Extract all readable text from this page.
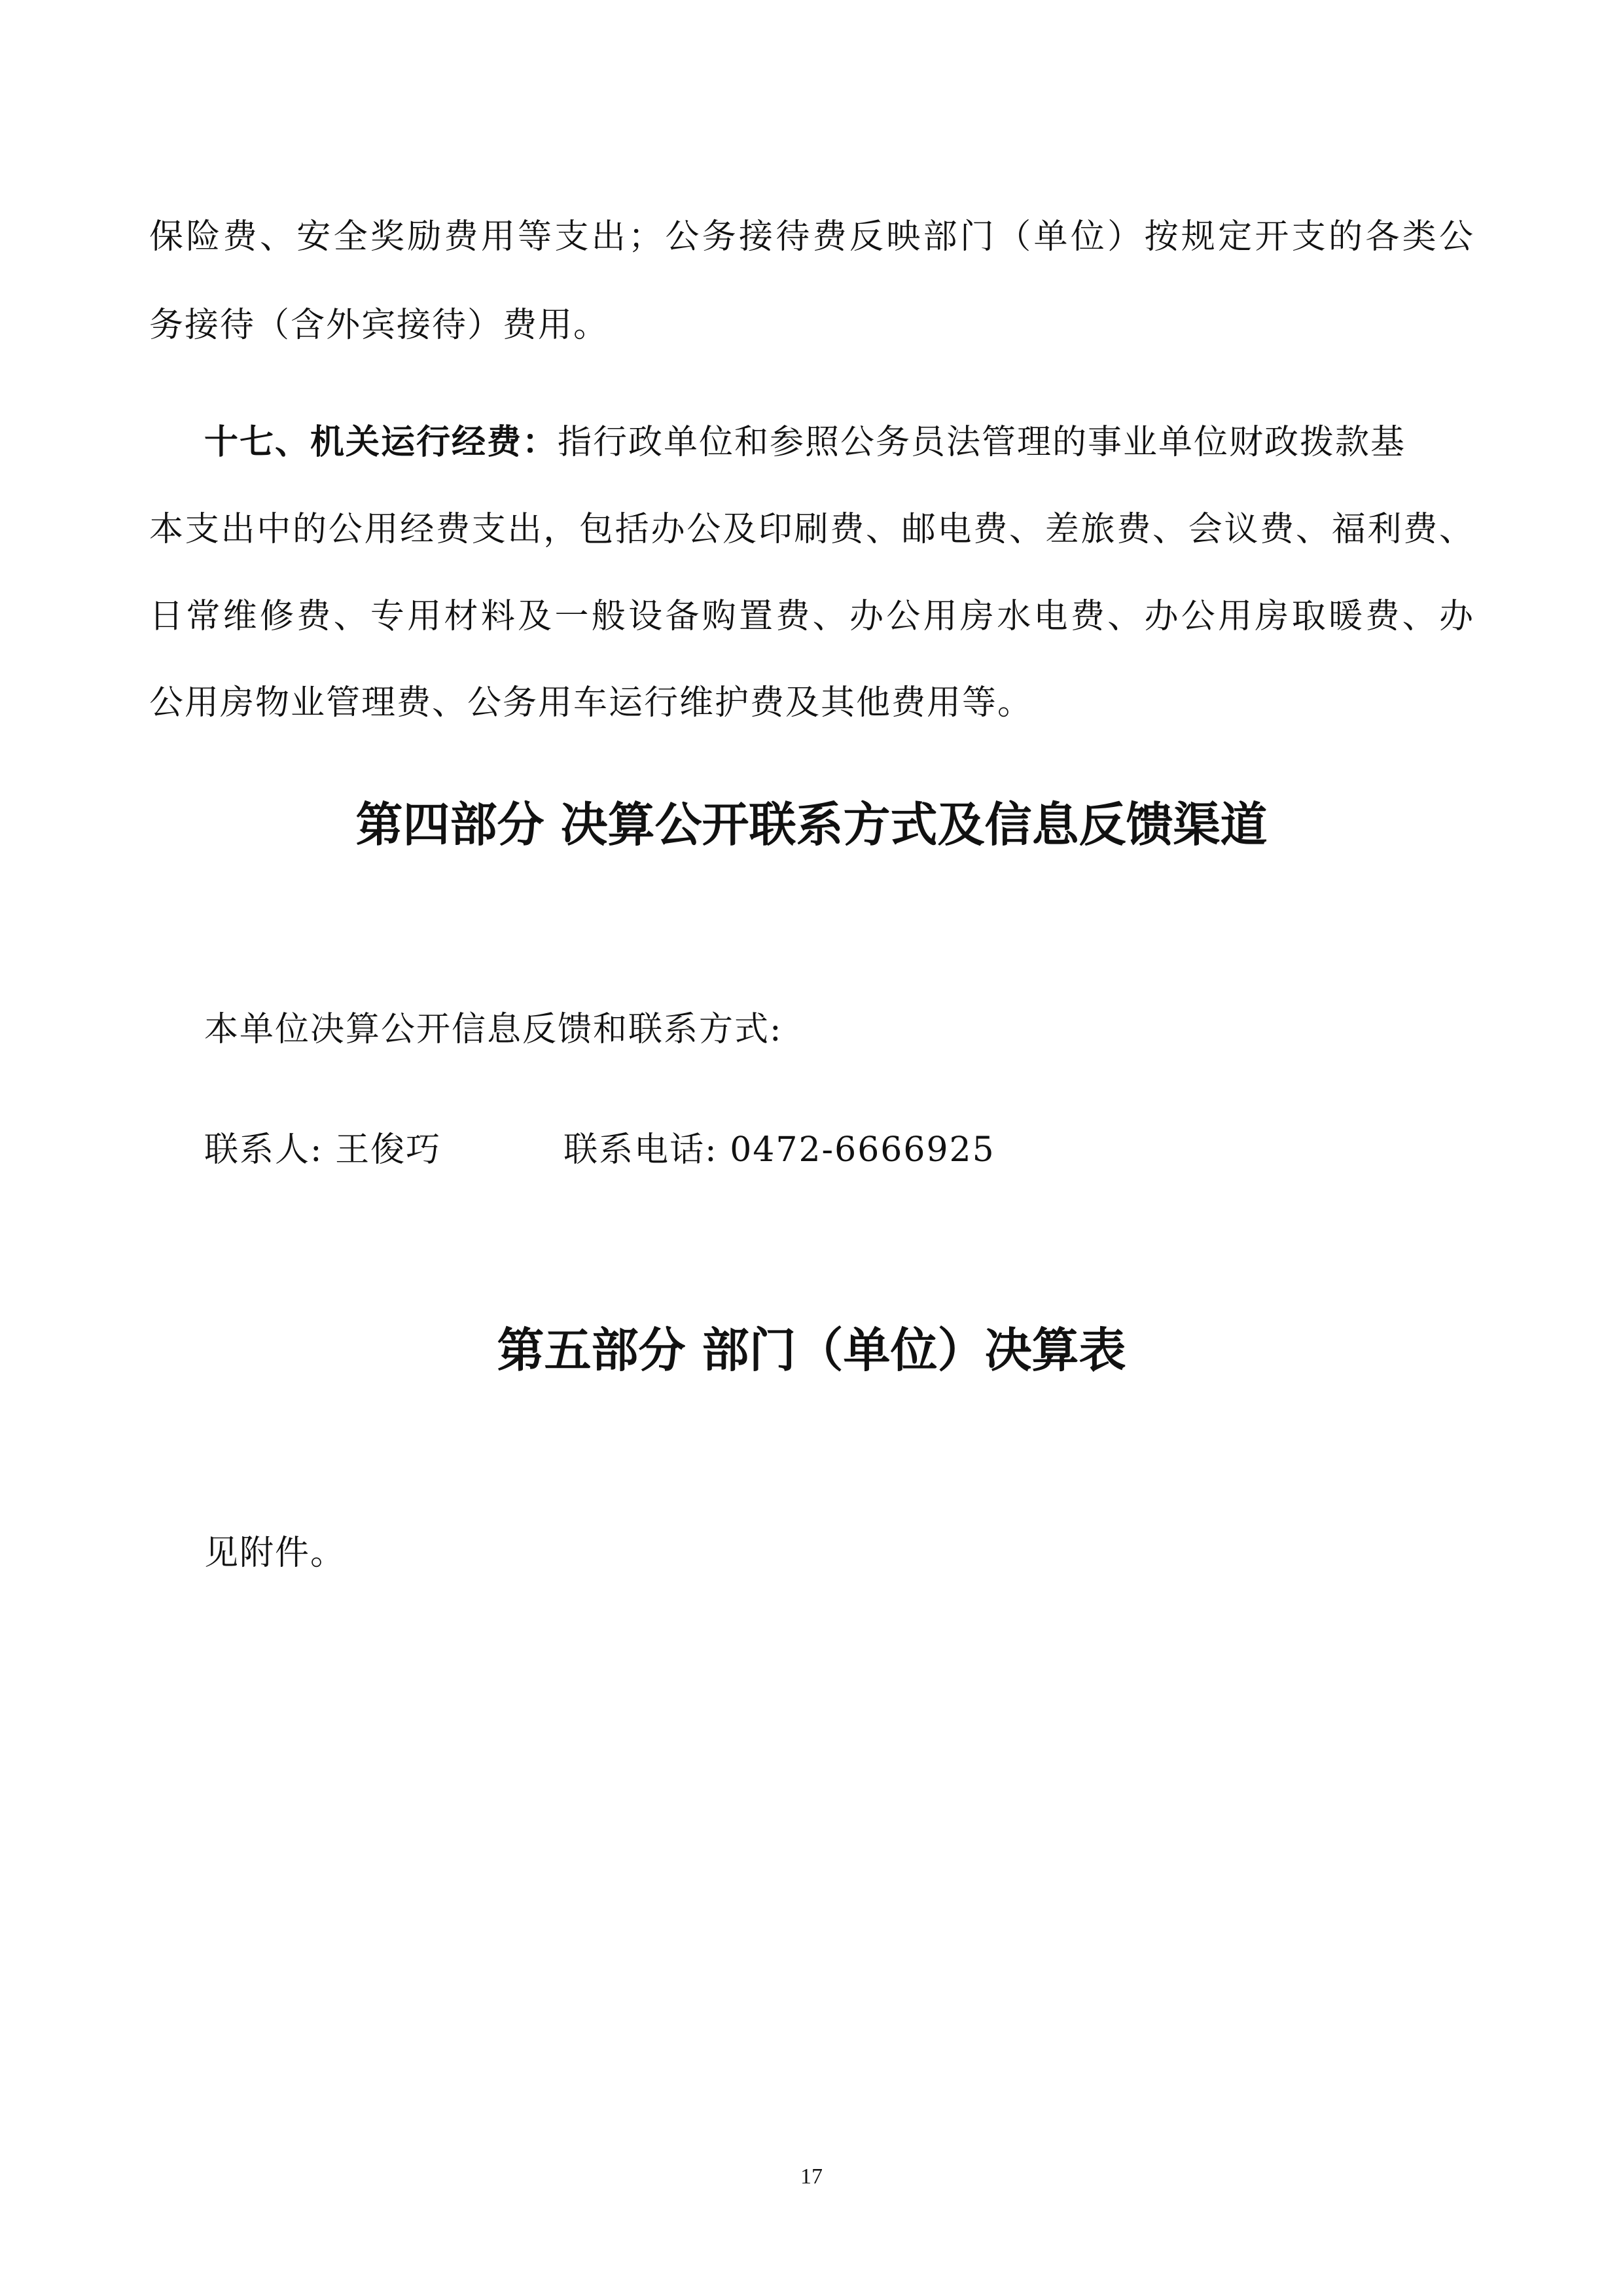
保险费、安全奖励费用等支出；公务接待费反映部门（单位）按规定开支的各类公
务接待（含外宾接待）费用。
十七、机关运行经费：指行政单位和参照公务员法管理的事业单位财政拨款基
本支出中的公用经费支出，包括办公及印刷费、邮电费、差旅费、会议费、福利费、
日常维修费、专用材料及一般设备购置费、办公用房水电费、办公用房取暖费、办
公用房物业管理费、公务用车运行维护费及其他费用等。
第四部分 决算公开联系方式及信息反馈渠道
本单位决算公开信息反馈和联系方式:
联系人: 王俊巧	联系电话: 0472-6666925
第五部分 部门（单位）决算表
见附件。
17
